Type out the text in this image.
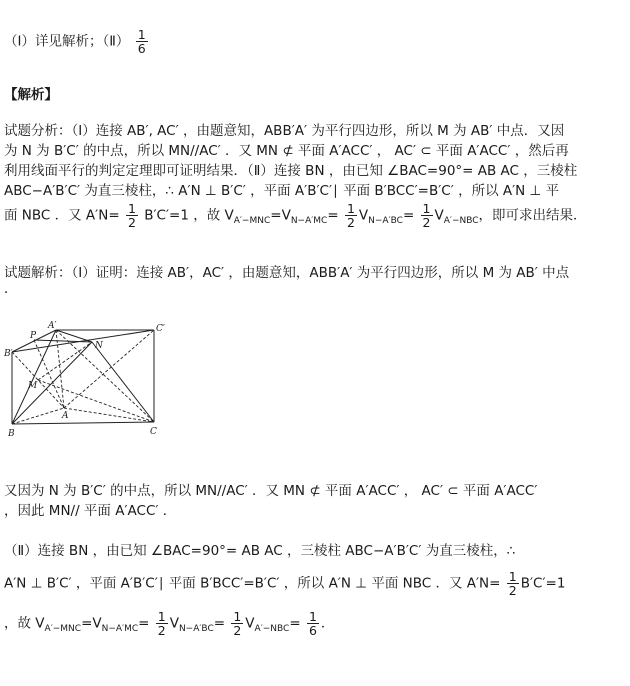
（Ⅰ）详见解析；（Ⅱ） $\frac{1}{6}$
【解析】
试题分析：（Ⅰ）连接 AB′, AC′ ，由题意知，ABB′A′ 为平行四边形，所以 M 为 AB′ 中点．又因
为 N 为 B′C′ 的中点，所以 MN//AC′ ．又 MN ⊄ 平面 A′ACC′ ， AC′ ⊂ 平面 A′ACC′ ，然后再
利用线面平行的判定定理即可证明结果．（Ⅱ）连接 BN ，由已知 ∠BAC=90°= AB AC ，三棱柱
ABC−A′B′C′ 为直三棱柱，∴ A′N ⊥ B′C′ ，平面 A′B′C′∣ 平面 B′BCC′=B′C′ ，所以 A′N ⊥ 平
面 NBC ．又 $A'N= \frac{1}{2} B'C'=1$ ，故 $V_{A'-MNC}=V_{N-A'MC}= \frac{1}{2} V_{N-A'BC}= \frac{1}{2} V_{A'-NBC}$，即可求出结果．
试题解析：（Ⅰ）证明：连接 AB′，AC′ ，由题意知，ABB′A′ 为平行四边形，所以 M 为 AB′ 中点
．
A′
B′
C′
P
N
M
A
B	C
又因为 N 为 B′C′ 的中点，所以 MN//AC′ ．又 MN ⊄ 平面 A′ACC′ ， AC′ ⊂ 平面 A′ACC′
，因此 MN// 平面 A′ACC′ ．
（Ⅱ）连接 BN ，由已知 ∠BAC=90°= AB AC ，三棱柱 ABC−A′B′C′ 为直三棱柱，∴
A′N ⊥ B′C′ ，平面 A′B′C′∣ 平面 B′BCC′=B′C′ ，所以 A′N ⊥ 平面 NBC ．又 $A'N= \frac{1}{2} B'C'=1$
，故 $V_{A'-MNC}=V_{N-A'MC}= \frac{1}{2} V_{N-A'BC}= \frac{1}{2} V_{A'-NBC}= \frac{1}{6}$ ．
